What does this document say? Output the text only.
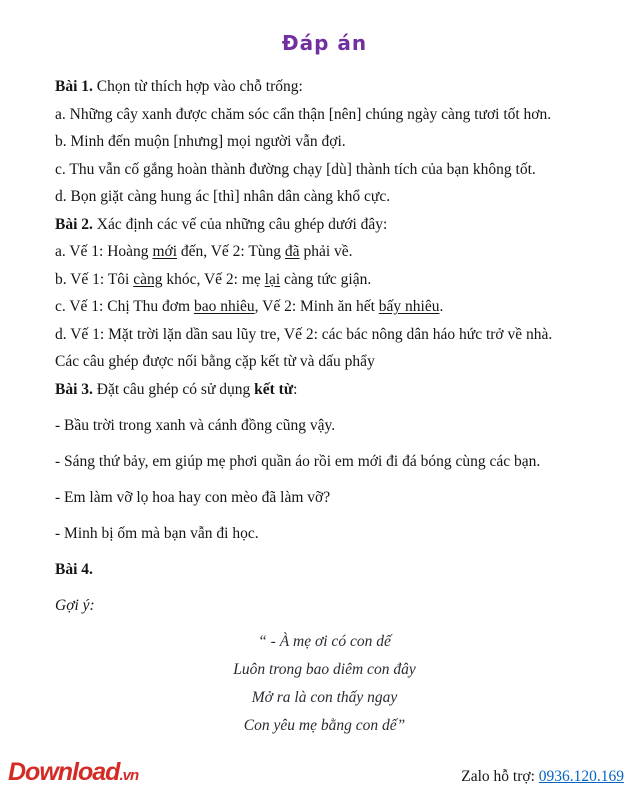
Đáp án

Bài 1. Chọn từ thích hợp vào chỗ trống:

a. Những cây xanh được chăm sóc cẩn thận [nên] chúng ngày càng tươi tốt hơn.

b. Minh đến muộn [nhưng] mọi người vẫn đợi.

c. Thu vẫn cố gắng hoàn thành đường chạy [dù] thành tích của bạn không tốt.

d. Bọn giặt càng hung ác [thì] nhân dân càng khổ cực.

Bài 2. Xác định các vế của những câu ghép dưới đây:

a. Vế 1: Hoàng mới đến, Vế 2: Tùng đã phải về.

b. Vế 1: Tôi càng khóc, Vế 2: mẹ lại càng tức giận.

c. Vế 1: Chị Thu đơm bao nhiêu, Vế 2: Minh ăn hết bấy nhiêu.

d. Vế 1: Mặt trời lặn dần sau lũy tre, Vế 2: các bác nông dân háo hức trở về nhà.

Các câu ghép được nối bằng cặp kết từ và dấu phẩy

Bài 3. Đặt câu ghép có sử dụng kết từ:

- Bầu trời trong xanh và cánh đồng cũng vậy.

- Sáng thứ bảy, em giúp mẹ phơi quần áo rồi em mới đi đá bóng cùng các bạn.

- Em làm vỡ lọ hoa hay con mèo đã làm vỡ?

- Minh bị ốm mà bạn vẫn đi học.

Bài 4.

Gợi ý:

“ - À mẹ ơi có con dế

Luôn trong bao diêm con đây

Mở ra là con thấy ngay

Con yêu mẹ bằng con dế”

Download.vn	Zalo hỗ trợ: 0936.120.169
